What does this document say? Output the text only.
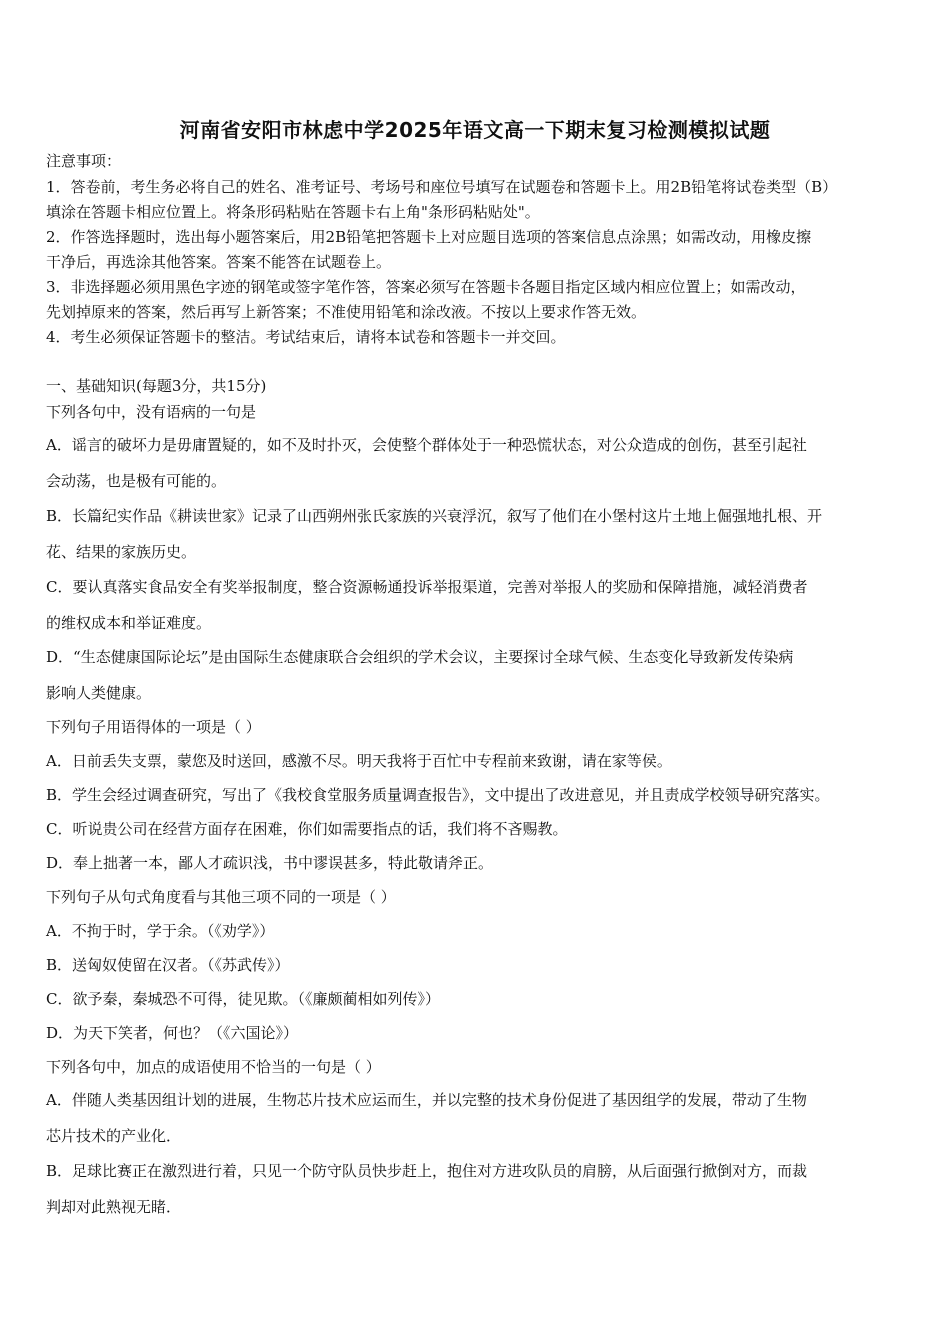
河南省安阳市林虑中学2025年语文高一下期末复习检测模拟试题
注意事项：
1．答卷前，考生务必将自己的姓名、准考证号、考场号和座位号填写在试题卷和答题卡上。用2B铅笔将试卷类型（B）
填涂在答题卡相应位置上。将条形码粘贴在答题卡右上角"条形码粘贴处"。
2．作答选择题时，选出每小题答案后，用2B铅笔把答题卡上对应题目选项的答案信息点涂黑；如需改动，用橡皮擦
干净后，再选涂其他答案。答案不能答在试题卷上。
3．非选择题必须用黑色字迹的钢笔或签字笔作答，答案必须写在答题卡各题目指定区域内相应位置上；如需改动，
先划掉原来的答案，然后再写上新答案；不准使用铅笔和涂改液。不按以上要求作答无效。
4．考生必须保证答题卡的整洁。考试结束后，请将本试卷和答题卡一并交回。
一、基础知识(每题3分，共15分)
下列各句中，没有语病的一句是
A．谣言的破坏力是毋庸置疑的，如不及时扑灭，会使整个群体处于一种恐慌状态，对公众造成的创伤，甚至引起社
会动荡，也是极有可能的。
B．长篇纪实作品《耕读世家》记录了山西朔州张氏家族的兴衰浮沉，叙写了他们在小堡村这片土地上倔强地扎根、开
花、结果的家族历史。
C．要认真落实食品安全有奖举报制度，整合资源畅通投诉举报渠道，完善对举报人的奖励和保障措施，减轻消费者
的维权成本和举证难度。
D．“生态健康国际论坛”是由国际生态健康联合会组织的学术会议，主要探讨全球气候、生态变化导致新发传染病
影响人类健康。
下列句子用语得体的一项是（ ）
A．日前丢失支票，蒙您及时送回，感激不尽。明天我将于百忙中专程前来致谢，请在家等侯。
B．学生会经过调查研究，写出了《我校食堂服务质量调查报告》，文中提出了改进意见，并且责成学校领导研究落实。
C．听说贵公司在经营方面存在困难，你们如需要指点的话，我们将不吝赐教。
D．奉上拙著一本，鄙人才疏识浅，书中谬误甚多，特此敬请斧正。
下列句子从句式角度看与其他三项不同的一项是（ ）
A．不拘于时，学于余。（《劝学》）
B．送匈奴使留在汉者。（《苏武传》）
C．欲予秦，秦城恐不可得，徒见欺。（《廉颇蔺相如列传》）
D．为天下笑者，何也？（《六国论》）
下列各句中，加点的成语使用不恰当的一句是（ ）
A．伴随人类基因组计划的进展，生物芯片技术应运而生，并以完整的技术身份促进了基因组学的发展，带动了生物
芯片技术的产业化．
B．足球比赛正在激烈进行着，只见一个防守队员快步赶上，抱住对方进攻队员的肩膀，从后面强行掀倒对方，而裁
判却对此熟视无睹．
